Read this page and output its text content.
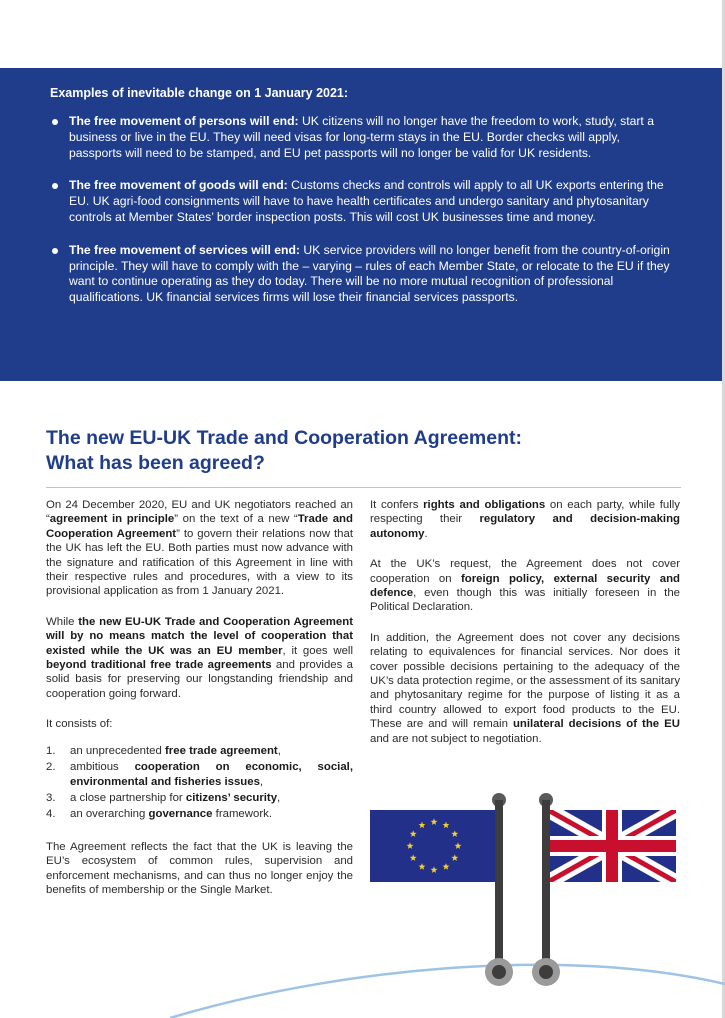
Examples of inevitable change on 1 January 2021:
The free movement of persons will end: UK citizens will no longer have the freedom to work, study, start a business or live in the EU. They will need visas for long-term stays in the EU. Border checks will apply, passports will need to be stamped, and EU pet passports will no longer be valid for UK residents.
The free movement of goods will end: Customs checks and controls will apply to all UK exports entering the EU. UK agri-food consignments will have to have health certificates and undergo sanitary and phytosanitary controls at Member States’ border inspection posts. This will cost UK businesses time and money.
The free movement of services will end: UK service providers will no longer benefit from the country-of-origin principle. They will have to comply with the – varying – rules of each Member State, or relocate to the EU if they want to continue operating as they do today. There will be no more mutual recognition of professional qualifications. UK financial services firms will lose their financial services passports.
The new EU-UK Trade and Cooperation Agreement:
What has been agreed?

On 24 December 2020, EU and UK negotiators reached an “agreement in principle” on the text of a new “Trade and Cooperation Agreement” to govern their relations now that the UK has left the EU. Both parties must now advance with the signature and ratification of this Agreement in line with their respective rules and procedures, with a view to its provisional application as from 1 January 2021.

While the new EU-UK Trade and Cooperation Agreement will by no means match the level of cooperation that existed while the UK was an EU member, it goes well beyond traditional free trade agreements and provides a solid basis for preserving our longstanding friendship and cooperation going forward.

It consists of:

1.	an unprecedented free trade agreement,
2.	ambitious cooperation on economic, social, environmental and fisheries issues,
3.	a close partnership for citizens’ security,
4.	an overarching governance framework.

The Agreement reflects the fact that the UK is leaving the EU’s ecosystem of common rules, supervision and enforcement mechanisms, and can thus no longer enjoy the benefits of membership or the Single Market.

It confers rights and obligations on each party, while fully respecting their regulatory and decision-making autonomy.

At the UK’s request, the Agreement does not cover cooperation on foreign policy, external security and defence, even though this was initially foreseen in the Political Declaration.

In addition, the Agreement does not cover any decisions relating to equivalences for financial services. Nor does it cover possible decisions pertaining to the adequacy of the UK’s data protection regime, or the assessment of its sanitary and phytosanitary regime for the purpose of listing it as a third country allowed to export food products to the EU. These are and will remain unilateral decisions of the EU and are not subject to negotiation.
